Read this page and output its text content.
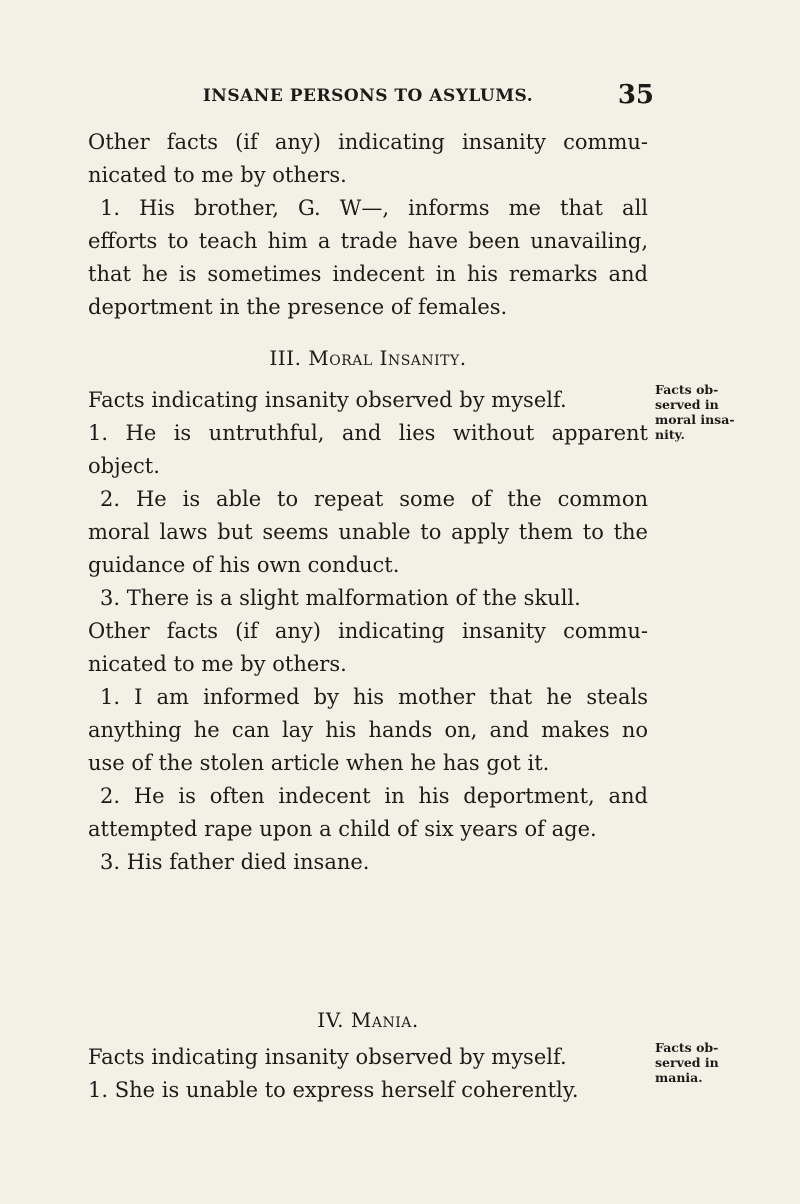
INSANE PERSONS TO ASYLUMS.	35
Other facts (if any) indicating insanity commu-
nicated to me by others.
1. His brother, G. W—, informs me that all
efforts to teach him a trade have been unavailing,
that he is sometimes indecent in his remarks and
deportment in the presence of females.
Facts indicating insanity observed by myself.
1. He is untruthful, and lies without apparent
object.
2. He is able to repeat some of the common
moral laws but seems unable to apply them to the
guidance of his own conduct.
3. There is a slight malformation of the skull.
Other facts (if any) indicating insanity commu-
nicated to me by others.
1. I am informed by his mother that he steals
anything he can lay his hands on, and makes no
use of the stolen article when he has got it.
2. He is often indecent in his deportment, and
attempted rape upon a child of six years of age.
3. His father died insane.
Facts indicating insanity observed by myself.
1. She is unable to express herself coherently.
III. Moral Insanity.
IV. Mania.
Facts ob-
served in
moral insa-
nity.
Facts ob-
served in
mania.
